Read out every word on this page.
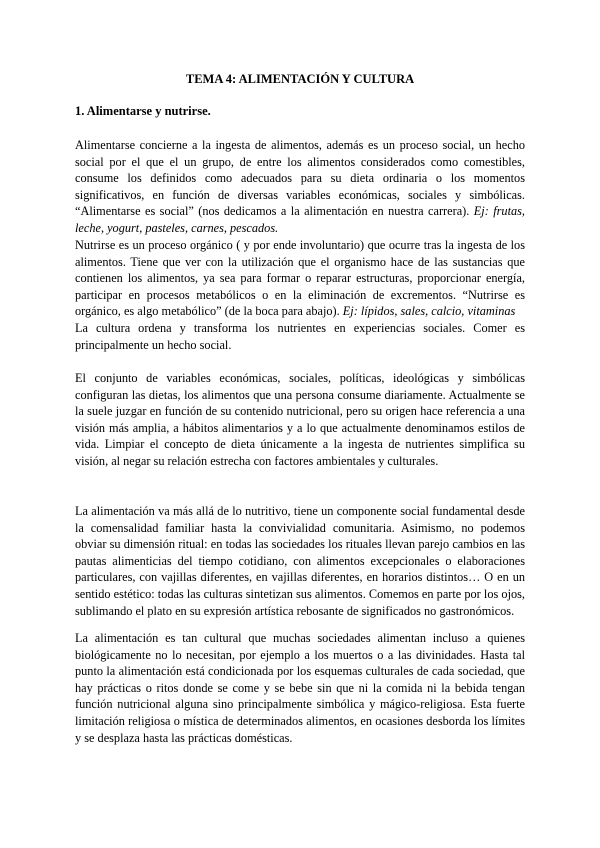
TEMA 4: ALIMENTACIÓN Y CULTURA
1. Alimentarse y nutrirse.

Alimentarse concierne a la ingesta de alimentos, además es un proceso social, un hecho social por el que el un grupo, de entre los alimentos considerados como comestibles, consume los definidos como adecuados para su dieta ordinaria o los momentos significativos, en función de diversas variables económicas, sociales y simbólicas. “Alimentarse es social” (nos dedicamos a la alimentación en nuestra carrera). Ej: frutas, leche, yogurt, pasteles, carnes, pescados.

Nutrirse es un proceso orgánico ( y por ende involuntario) que ocurre tras la ingesta de los alimentos. Tiene que ver con la utilización que el organismo hace de las sustancias que contienen los alimentos, ya sea para formar o reparar estructuras, proporcionar energía, participar en procesos metabólicos o en la eliminación de excrementos. “Nutrirse es orgánico, es algo metabólico” (de la boca para abajo). Ej: lípidos, sales, calcio, vitaminas

La cultura ordena y transforma los nutrientes en experiencias sociales. Comer es principalmente un hecho social.

El conjunto de variables económicas, sociales, políticas, ideológicas y simbólicas configuran las dietas, los alimentos que una persona consume diariamente. Actualmente se la suele juzgar en función de su contenido nutricional, pero su origen hace referencia a una visión más amplia, a hábitos alimentarios y a lo que actualmente denominamos estilos de vida. Limpiar el concepto de dieta únicamente a la ingesta de nutrientes simplifica su visión, al negar su relación estrecha con factores ambientales y culturales.

La alimentación va más allá de lo nutritivo, tiene un componente social fundamental desde la comensalidad familiar hasta la convivialidad comunitaria. Asimismo, no podemos obviar su dimensión ritual: en todas las sociedades los rituales llevan parejo cambios en las pautas alimenticias del tiempo cotidiano, con alimentos excepcionales o elaboraciones particulares, con vajillas diferentes, en vajillas diferentes, en horarios distintos… O en un sentido estético: todas las culturas sintetizan sus alimentos. Comemos en parte por los ojos, sublimando el plato en su expresión artística rebosante de significados no gastronómicos.

La alimentación es tan cultural que muchas sociedades alimentan incluso a quienes biológicamente no lo necesitan, por ejemplo a los muertos o a las divinidades. Hasta tal punto la alimentación está condicionada por los esquemas culturales de cada sociedad, que hay prácticas o ritos donde se come y se bebe sin que ni la comida ni la bebida tengan función nutricional alguna sino principalmente simbólica y mágico-religiosa. Esta fuerte limitación religiosa o mística de determinados alimentos, en ocasiones desborda los límites y se desplaza hasta las prácticas domésticas.
